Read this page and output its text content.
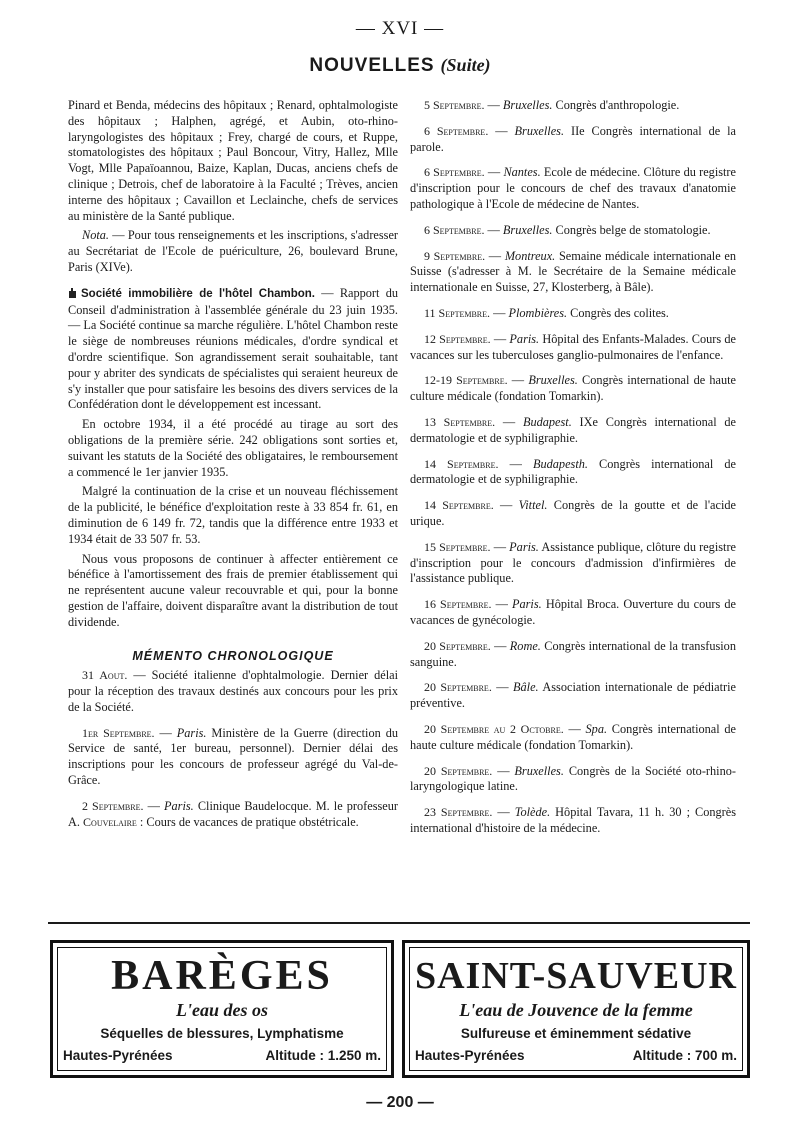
— XVI —
NOUVELLES (Suite)

Pinard et Benda, médecins des hôpitaux ; Renard, ophtalmologiste des hôpitaux ; Halphen, agrégé, et Aubin, oto-rhino-laryngologistes des hôpitaux ; Frey, chargé de cours, et Ruppe, stomatologistes des hôpitaux ; Paul Boncour, Vitry, Hallez, Mlle Vogt, Mlle Papaïoannou, Baize, Kaplan, Ducas, anciens chefs de clinique ; Detrois, chef de laboratoire à la Faculté ; Trèves, ancien interne des hôpitaux ; Cavaillon et Leclainche, chefs de services au ministère de la Santé publique.

Nota. — Pour tous renseignements et les inscriptions, s'adresser au Secrétariat de l'Ecole de puériculture, 26, boulevard Brune, Paris (XIVe).

Société immobilière de l'hôtel Chambon. — Rapport du Conseil d'administration à l'assemblée générale du 23 juin 1935. — La Société continue sa marche régulière. L'hôtel Chambon reste le siège de nombreuses réunions médicales, d'ordre syndical et d'ordre scientifique. Son agrandissement serait souhaitable, tant pour y abriter des syndicats de spécialistes qui seraient heureux de s'y installer que pour satisfaire les besoins des divers services de la Confédération dont le développement est incessant.

En octobre 1934, il a été procédé au tirage au sort des obligations de la première série. 242 obligations sont sorties et, suivant les statuts de la Société des obligataires, le remboursement a commencé le 1er janvier 1935.

Malgré la continuation de la crise et un nouveau fléchissement de la publicité, le bénéfice d'exploitation reste à 33 854 fr. 61, en diminution de 6 149 fr. 72, tandis que la différence entre 1933 et 1934 était de 33 507 fr. 53.

Nous vous proposons de continuer à affecter entièrement ce bénéfice à l'amortissement des frais de premier établissement qui ne représentent aucune valeur recouvrable et qui, pour la bonne gestion de l'affaire, doivent disparaître avant la distribution de tout dividende.

MÉMENTO CHRONOLOGIQUE

31 Aout. — Société italienne d'ophtalmologie. Dernier délai pour la réception des travaux destinés aux concours pour les prix de la Société.

1er Septembre. — Paris. Ministère de la Guerre (direction du Service de santé, 1er bureau, personnel). Dernier délai des inscriptions pour les concours de professeur agrégé du Val-de-Grâce.

2 Septembre. — Paris. Clinique Baudelocque. M. le professeur A. Couvelaire : Cours de vacances de pratique obstétricale.

5 Septembre. — Bruxelles. Congrès d'anthropologie.

6 Septembre. — Bruxelles. IIe Congrès international de la parole.

6 Septembre. — Nantes. Ecole de médecine. Clôture du registre d'inscription pour le concours de chef des travaux d'anatomie pathologique à l'Ecole de médecine de Nantes.

6 Septembre. — Bruxelles. Congrès belge de stomatologie.

9 Septembre. — Montreux. Semaine médicale internationale en Suisse (s'adresser à M. le Secrétaire de la Semaine médicale internationale en Suisse, 27, Klosterberg, à Bâle).

11 Septembre. — Plombières. Congrès des colites.

12 Septembre. — Paris. Hôpital des Enfants-Malades. Cours de vacances sur les tuberculoses ganglio-pulmonaires de l'enfance.

12-19 Septembre. — Bruxelles. Congrès international de haute culture médicale (fondation Tomarkin).

13 Septembre. — Budapest. IXe Congrès international de dermatologie et de syphiligraphie.

14 Septembre. — Budapesth. Congrès international de dermatologie et de syphiligraphie.

14 Septembre. — Vittel. Congrès de la goutte et de l'acide urique.

15 Septembre. — Paris. Assistance publique, clôture du registre d'inscription pour le concours d'admission d'infirmières de l'assistance publique.

16 Septembre. — Paris. Hôpital Broca. Ouverture du cours de vacances de gynécologie.

20 Septembre. — Rome. Congrès international de la transfusion sanguine.

20 Septembre. — Bâle. Association internationale de pédiatrie préventive.

20 Septembre au 2 Octobre. — Spa. Congrès international de haute culture médicale (fondation Tomarkin).

20 Septembre. — Bruxelles. Congrès de la Société oto-rhino-laryngologique latine.

23 Septembre. — Tolède. Hôpital Tavara, 11 h. 30 ; Congrès international d'histoire de la médecine.

BARÈGES
L'eau des os
Séquelles de blessures, Lymphatisme
Hautes-Pyrénées	Altitude : 1.250 m.
SAINT-SAUVEUR
L'eau de Jouvence de la femme
Sulfureuse et éminemment sédative
Hautes-Pyrénées	Altitude : 700 m.
— 200 —
